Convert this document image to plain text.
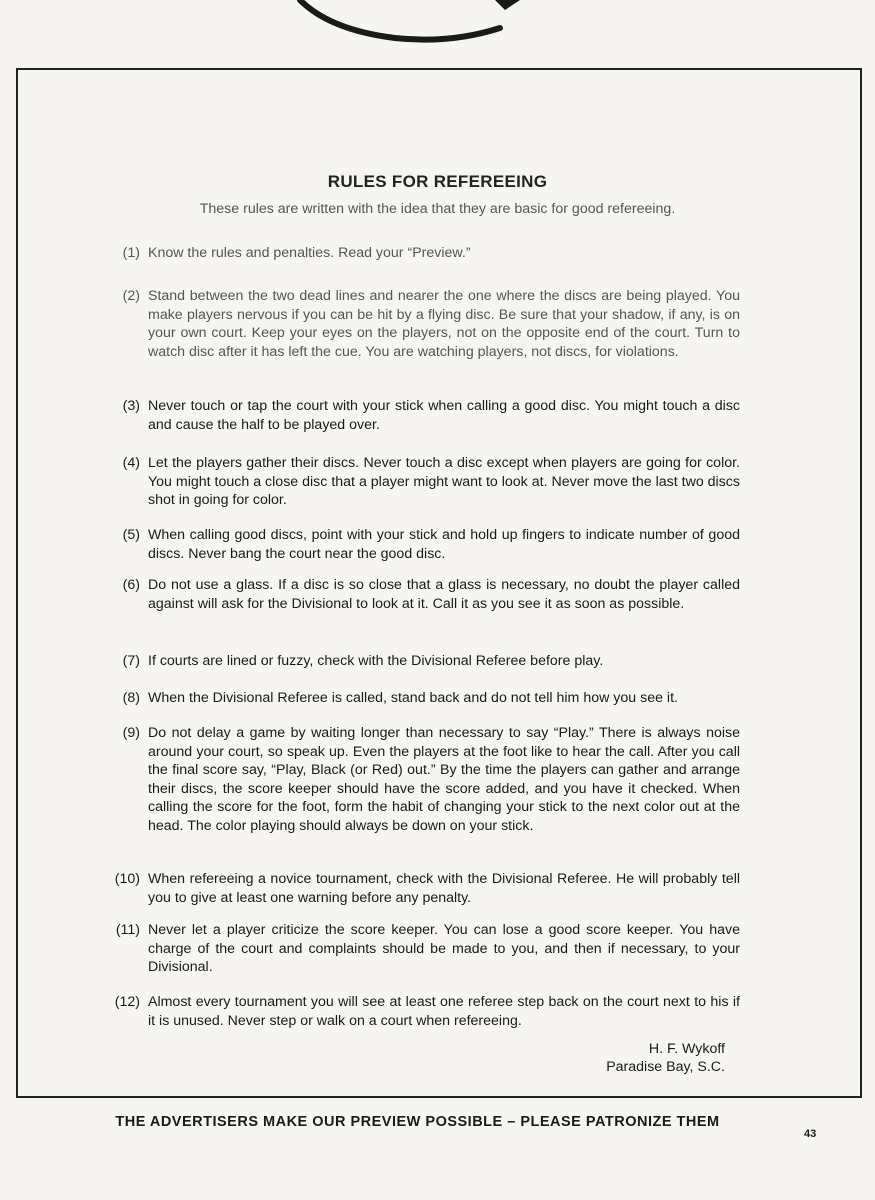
RULES FOR REFEREEING
These rules are written with the idea that they are basic for good refereeing.
(1) Know the rules and penalties. Read your “Preview.”
(2) Stand between the two dead lines and nearer the one where the discs are being played. You make players nervous if you can be hit by a flying disc. Be sure that your shadow, if any, is on your own court. Keep your eyes on the players, not on the opposite end of the court. Turn to watch disc after it has left the cue. You are watching players, not discs, for violations.
(3) Never touch or tap the court with your stick when calling a good disc. You might touch a disc and cause the half to be played over.
(4) Let the players gather their discs. Never touch a disc except when players are going for color. You might touch a close disc that a player might want to look at. Never move the last two discs shot in going for color.
(5) When calling good discs, point with your stick and hold up fingers to indicate number of good discs. Never bang the court near the good disc.
(6) Do not use a glass. If a disc is so close that a glass is necessary, no doubt the player called against will ask for the Divisional to look at it. Call it as you see it as soon as possible.
(7) If courts are lined or fuzzy, check with the Divisional Referee before play.
(8) When the Divisional Referee is called, stand back and do not tell him how you see it.
(9) Do not delay a game by waiting longer than necessary to say “Play.” There is always noise around your court, so speak up. Even the players at the foot like to hear the call. After you call the final score say, “Play, Black (or Red) out.” By the time the players can gather and arrange their discs, the score keeper should have the score added, and you have it checked. When calling the score for the foot, form the habit of changing your stick to the next color out at the head. The color playing should always be down on your stick.
(10) When refereeing a novice tournament, check with the Divisional Referee. He will probably tell you to give at least one warning before any penalty.
(11) Never let a player criticize the score keeper. You can lose a good score keeper. You have charge of the court and complaints should be made to you, and then if necessary, to your Divisional.
(12) Almost every tournament you will see at least one referee step back on the court next to his if it is unused. Never step or walk on a court when refereeing.
H. F. Wykoff
Paradise Bay, S.C.
THE ADVERTISERS MAKE OUR PREVIEW POSSIBLE – PLEASE PATRONIZE THEM
43
